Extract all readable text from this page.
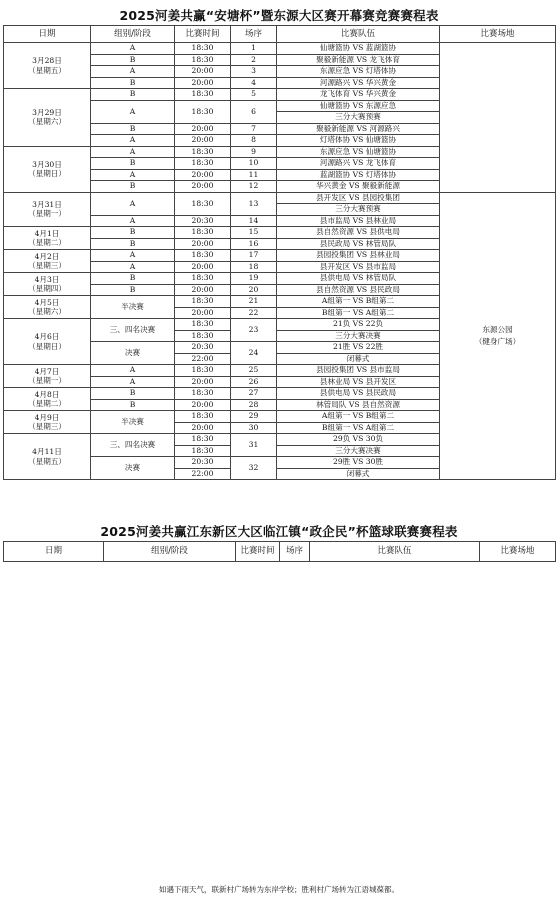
2025河姜共赢“安塘杯”暨东源大区赛开幕赛竞赛赛程表
日期	组别/阶段	比赛时间	场序	比赛队伍	比赛场地
3月28日
（星期五）	A	18:30	1	仙塘篮协 VS 蓝湖篮协	
	B	18:30	2	聚毅新能源 VS 龙飞体育	
	A	20:00	3	东源应急 VS 灯塔体协	
	B	20:00	4	河源路兴 VS 华兴黄金	
3月29日
（星期六）	B	18:30	5	龙飞体育 VS 华兴黄金	
	A	18:30	6	仙塘篮协 VS 东源应急	
				三分大赛预赛	
	B	20:00	7	聚毅新能源 VS 河源路兴	
	A	20:00	8	灯塔体协 VS 仙塘篮协	
3月30日
（星期日）	A	18:30	9	东源应急 VS 仙塘篮协	
	B	18:30	10	河源路兴 VS 龙飞体育	
	A	20:00	11	蓝湖篮协 VS 灯塔体协	
	B	20:00	12	华兴黄金 VS 聚毅新能源	
3月31日
（星期一）	A	18:30	13	县开发区 VS 县园投集团	东源公园
（健身广场）
				三分大赛预赛	
	A	20:30	14	县市监局 VS 县林业局	
4月1日
（星期二）	B	18:30	15	县自然资源 VS 县供电局	
	B	20:00	16	县民政局 VS 林管局队	
4月2日
（星期三）	A	18:30	17	县园投集团 VS 县林业局	
	A	20:00	18	县开发区 VS 县市监局	
4月3日
（星期四）	B	18:30	19	县供电局 VS 林管局队	
	B	20:00	20	县自然资源 VS 县民政局	
4月5日
（星期六）	半决赛	18:30	21	A组第一 VS B组第二	
		20:00	22	B组第一 VS A组第二	
4月6日
（星期日）	三、四名决赛	18:30	23	21负 VS 22负	
		18:30		三分大赛决赛	
	决赛	20:30	24	21胜 VS 22胜	
		22:00		闭幕式	
4月7日
（星期一）	A	18:30	25	县园投集团 VS 县市监局	
	A	20:00	26	县林业局 VS 县开发区	
4月8日
（星期二）	B	18:30	27	县供电局 VS 县民政局	
	B	20:00	28	林管局队 VS 县自然资源	
4月9日
（星期三）	半决赛	18:30	29	A组第一 VS B组第二	
		20:00	30	B组第一 VS A组第二	
4月11日
（星期五）	三、四名决赛	18:30	31	29负 VS 30负	
		18:30		三分大赛决赛	
	决赛	20:30	32	29胜 VS 30胜	
		22:00		闭幕式	
2025河姜共赢江东新区大区临江镇“政企民”杯篮球联赛赛程表
日期	组别/阶段	比赛时间	场序	比赛队伍	比赛场地
如遇下雨天气，联新村广场转为东岸学校；胜利村广场转为江语城葆都。
